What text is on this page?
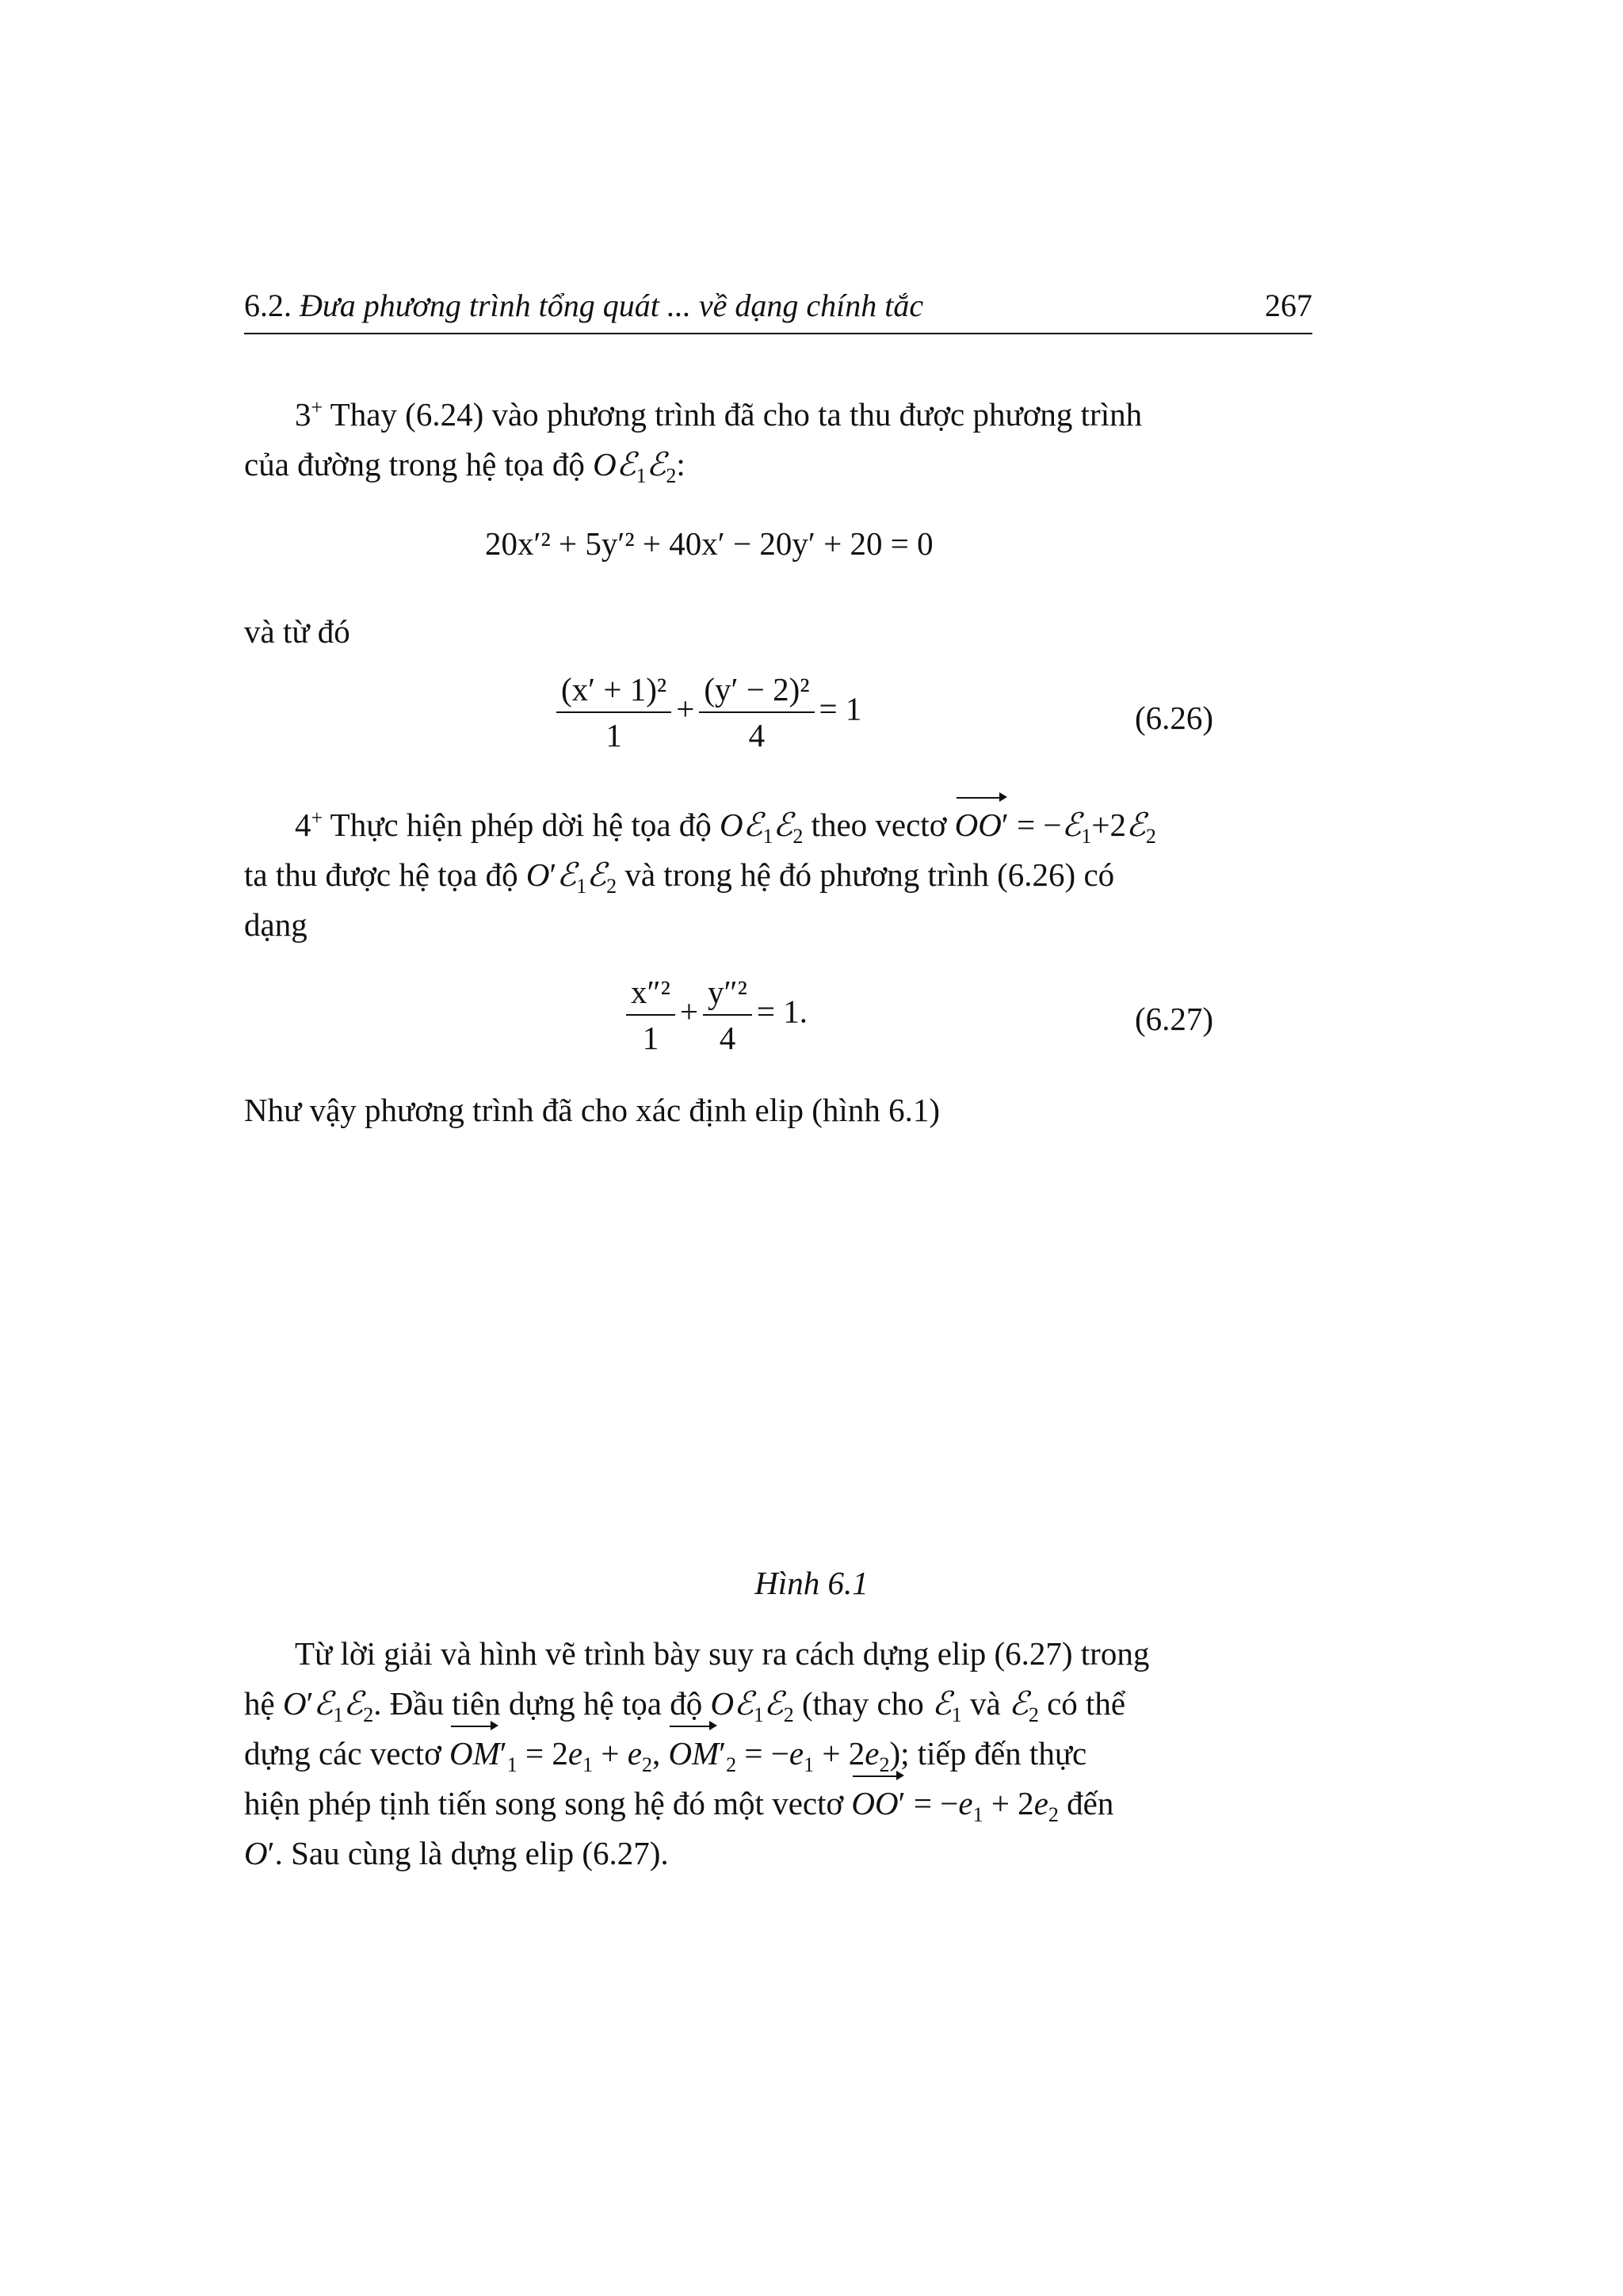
6.2. Đưa phương trình tổng quát ... về dạng chính tắc	267
3+ Thay (6.24) vào phương trình đã cho ta thu được phương trình
của đường trong hệ tọa độ Oℰ$_1$ℰ$_2$:
20x′² + 5y′² + 40x′ − 20y′ + 20 = 0
và từ đó
$\frac{\text{(x′ + 1)²}}{1} + \frac{\text{(y′ − 2)²}}{4} = 1$	(6.26)
4+ Thực hiện phép dời hệ tọa độ Oℰ$_1$ℰ$_2$ theo vectơ OO′ = −ℰ$_1$+2ℰ$_2$
ta thu được hệ tọa độ O′ℰ$_1$ℰ$_2$ và trong hệ đó phương trình (6.26) có
dạng
$\frac{\text{x″²}}{1} + \frac{\text{y″²}}{4} = 1$.	(6.27)
Như vậy phương trình đã cho xác định elip (hình 6.1)
Hình 6.1
Từ lời giải và hình vẽ trình bày suy ra cách dựng elip (6.27) trong
hệ O′ℰ$_1$ℰ$_2$. Đầu tiên dựng hệ tọa độ Oℰ$_1$ℰ$_2$ (thay cho ℰ$_1$ và ℰ$_2$ có thể
dựng các vectơ $OM'_1 = 2e_1 + e_2$, $OM'_2 = -e_1 + 2e_2$); tiếp đến thực
hiện phép tịnh tiến song song hệ đó một vectơ $OO' = -e_1 + 2e_2$ đến
O′. Sau cùng là dựng elip (6.27).
